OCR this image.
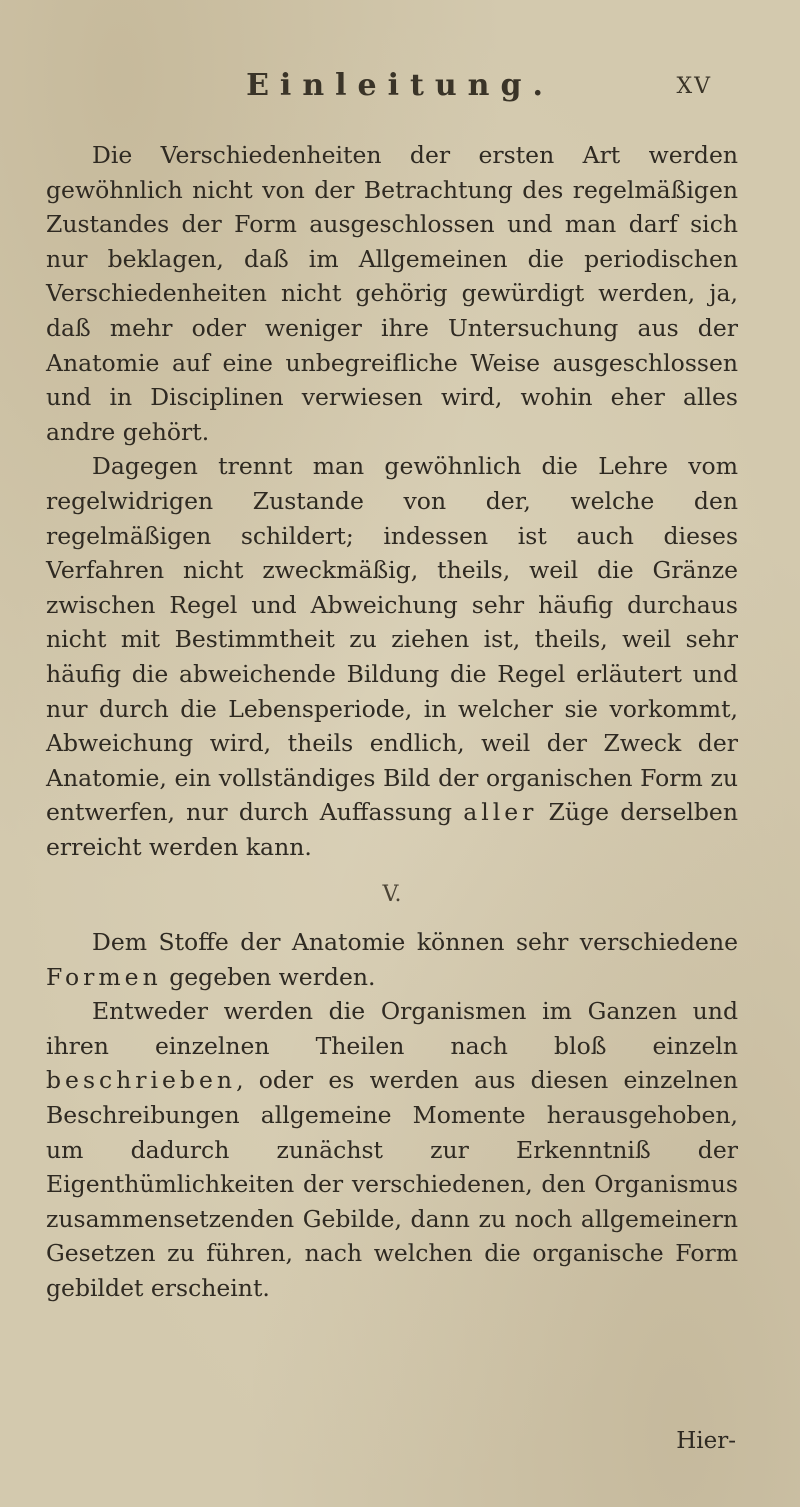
Einleitung.	XV

Die Verschiedenheiten der ersten Art werden gewöhnlich nicht von der Betrachtung des regelmäßigen Zustandes der Form ausgeschlossen und man darf sich nur beklagen, daß im Allgemeinen die periodischen Verschiedenheiten nicht gehörig gewürdigt werden, ja, daß mehr oder weniger ihre Untersuchung aus der Anatomie auf eine unbegreifliche Weise ausgeschlossen und in Disciplinen verwiesen wird, wohin eher alles andre gehört.

Dagegen trennt man gewöhnlich die Lehre vom regelwidrigen Zustande von der, welche den regelmäßigen schildert; indessen ist auch dieses Verfahren nicht zweckmäßig, theils, weil die Gränze zwischen Regel und Abweichung sehr häufig durchaus nicht mit Bestimmtheit zu ziehen ist, theils, weil sehr häufig die abweichende Bildung die Regel erläutert und nur durch die Lebensperiode, in welcher sie vorkommt, Abweichung wird, theils endlich, weil der Zweck der Anatomie, ein vollständiges Bild der organischen Form zu entwerfen, nur durch Auffassung aller Züge derselben erreicht werden kann.

V.

Dem Stoffe der Anatomie können sehr verschiedene Formen gegeben werden.

Entweder werden die Organismen im Ganzen und ihren einzelnen Theilen nach bloß einzeln beschrieben, oder es werden aus diesen einzelnen Beschreibungen allgemeine Momente herausgehoben, um dadurch zunächst zur Erkenntniß der Eigenthümlichkeiten der verschiedenen, den Organismus zusammensetzenden Gebilde, dann zu noch allgemeinern Gesetzen zu führen, nach welchen die organische Form gebildet erscheint.

Hier-
